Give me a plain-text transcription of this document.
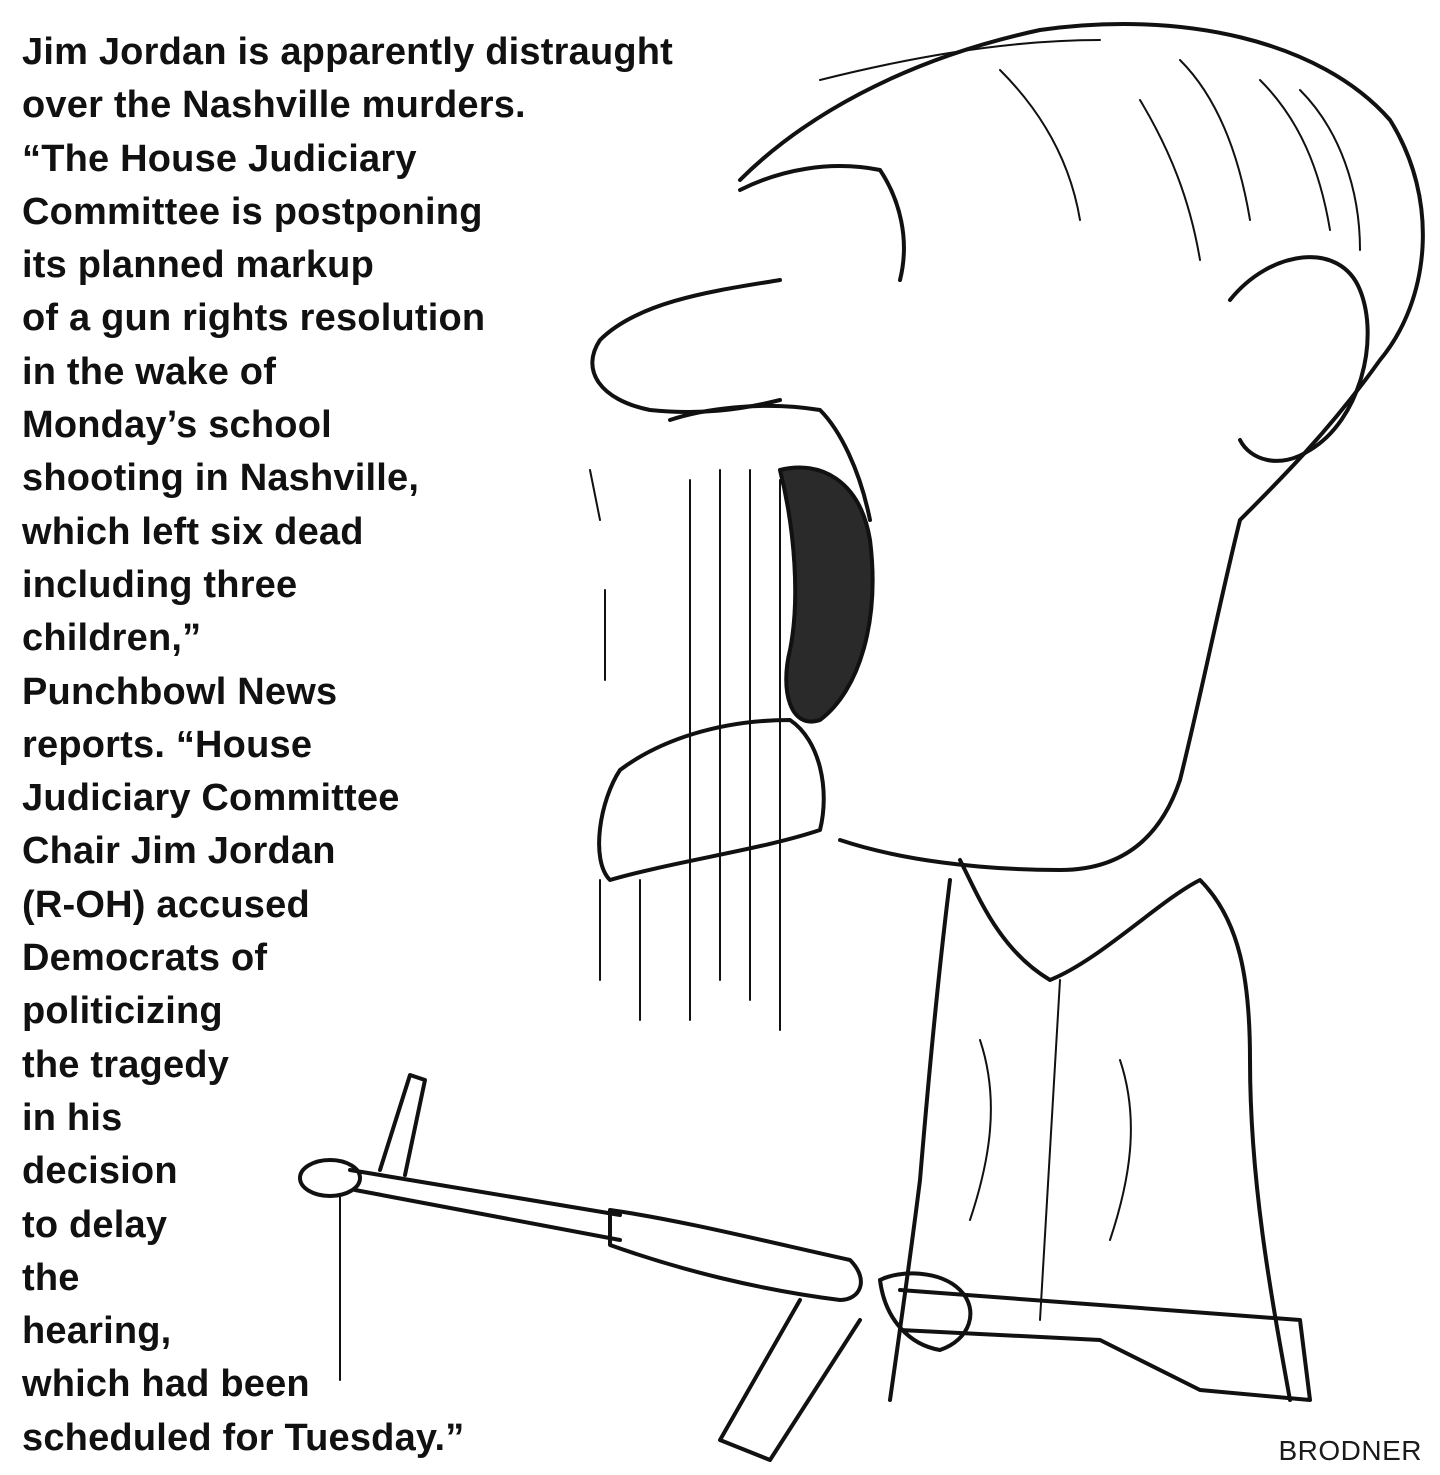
Jim Jordan is apparently distraught
over the Nashville murders.
“The House Judiciary
Committee is postponing
its planned markup
of a gun rights resolution
in the wake of
Monday’s school
shooting in Nashville,
which left six dead
including three
children,”
Punchbowl News
reports. “House
Judiciary Committee
Chair Jim Jordan
(R-OH) accused
Democrats of
politicizing
the tragedy
in his
decision
to delay
the
hearing,
which had been
scheduled for Tuesday.”	BRODNER
